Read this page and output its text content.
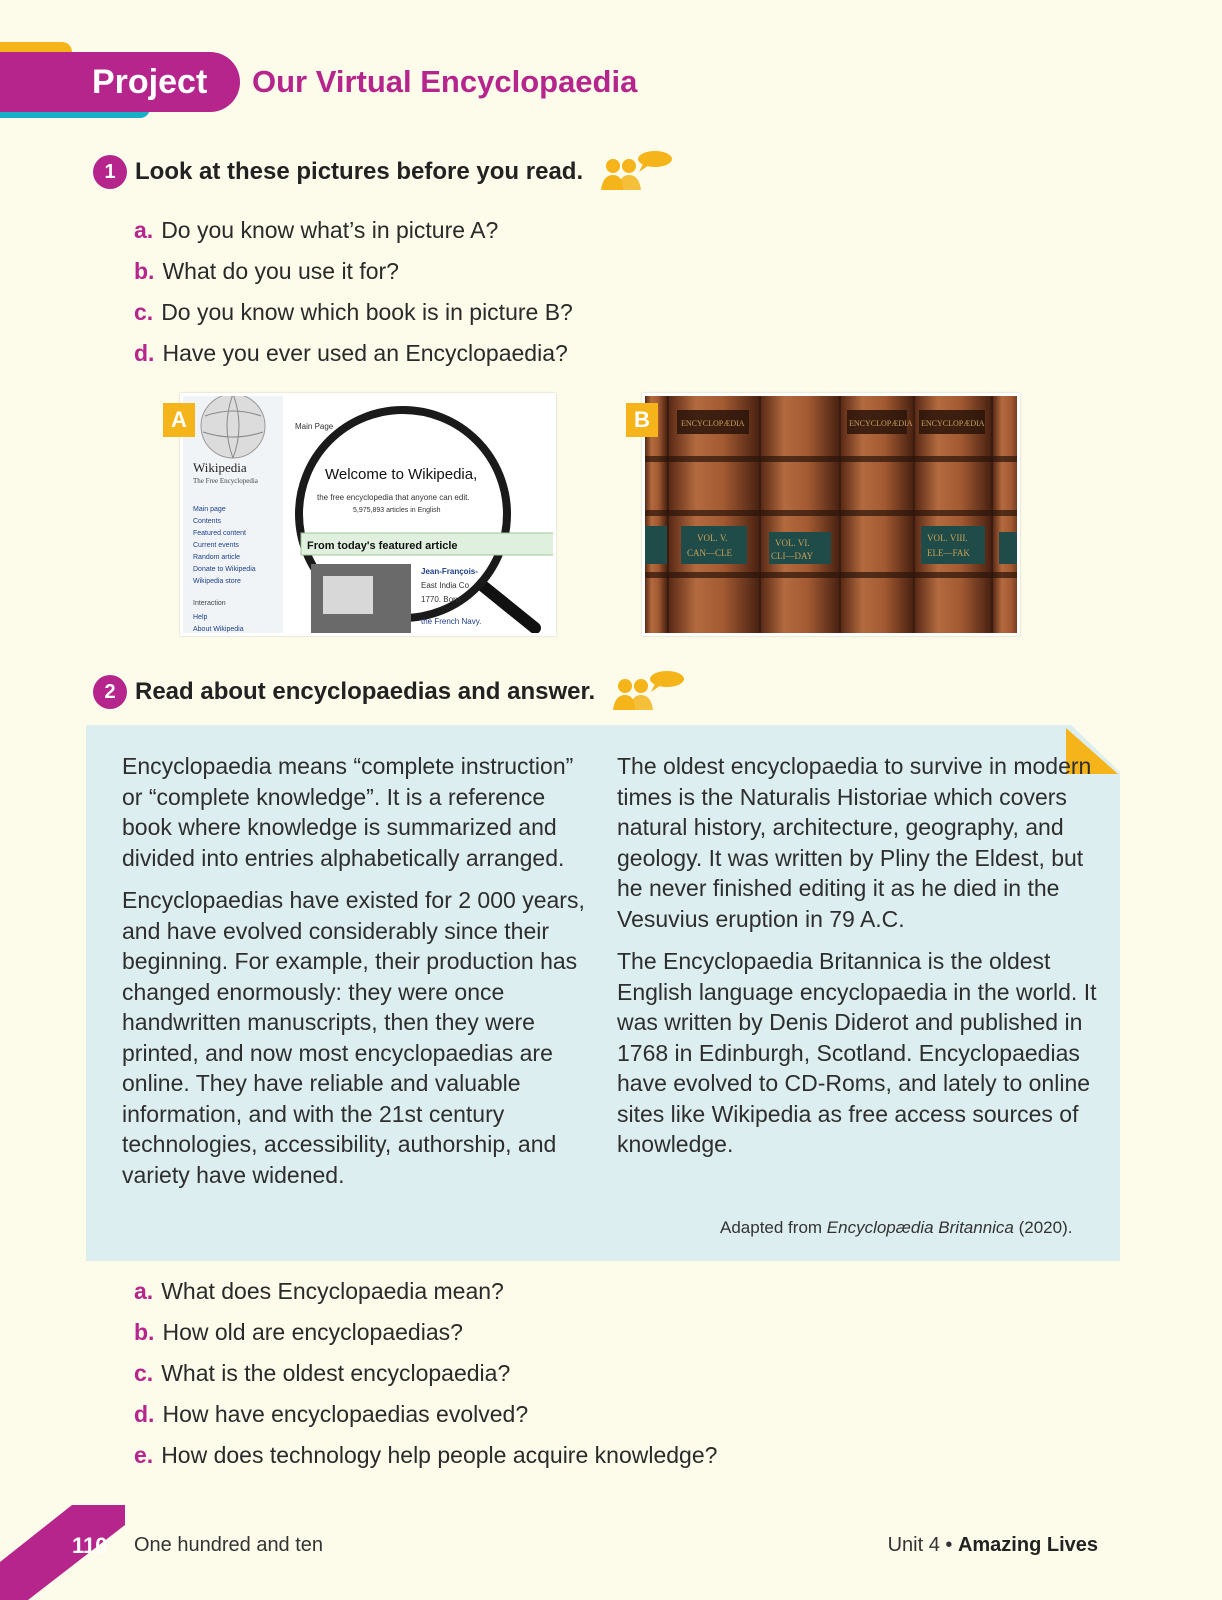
Project Our Virtual Encyclopaedia
1 Look at these pictures before you read.
a. Do you know what’s in picture A?
b. What do you use it for?
c. Do you know which book is in picture B?
d. Have you ever used an Encyclopaedia?
Wikipedia
The Free Encyclopedia
Main page
Contents
Featured content
Current events
Random article
Donate to Wikipedia
Wikipedia store
Interaction
Help
About Wikipedia
Main Page
Welcome to Wikipedia,
the free encyclopedia that anyone can edit.
5,975,893 articles in English
From today's featured article
Jean-François-
East India Co
1770. Born
the French Navy.
A	ENCYCLOPÆDIA	ENCYCLOPÆDIA ENCYCLOPÆDIA
VOL. V.
CAN—CLE
VOL. VI.
CLI—DAY
VOL. VIII.
ELE—FAK
B
2 Read about encyclopaedias and answer.

Encyclopaedia means “complete instruction” or “complete knowledge”. It is a reference book where knowledge is summarized and divided into entries alphabetically arranged.

Encyclopaedias have existed for 2 000 years, and have evolved considerably since their beginning. For example, their production has changed enormously: they were once handwritten manuscripts, then they were printed, and now most encyclopaedias are online. They have reliable and valuable information, and with the 21st century technologies, accessibility, authorship, and variety have widened.

The oldest encyclopaedia to survive in modern times is the Naturalis Historiae which covers natural history, architecture, geography, and geology. It was written by Pliny the Eldest, but he never finished editing it as he died in the Vesuvius eruption in 79 A.C.

The Encyclopaedia Britannica is the oldest English language encyclopaedia in the world. It was written by Denis Diderot and published in 1768 in Edinburgh, Scotland. Encyclopaedias have evolved to CD-Roms, and lately to online sites like Wikipedia as free access sources of knowledge.

Adapted from Encyclopædia Britannica (2020).
a. What does Encyclopaedia mean?
b. How old are encyclopaedias?
c. What is the oldest encyclopaedia?
d. How have encyclopaedias evolved?
e. How does technology help people acquire knowledge?
110 One hundred and ten	Unit 4 • Amazing Lives
